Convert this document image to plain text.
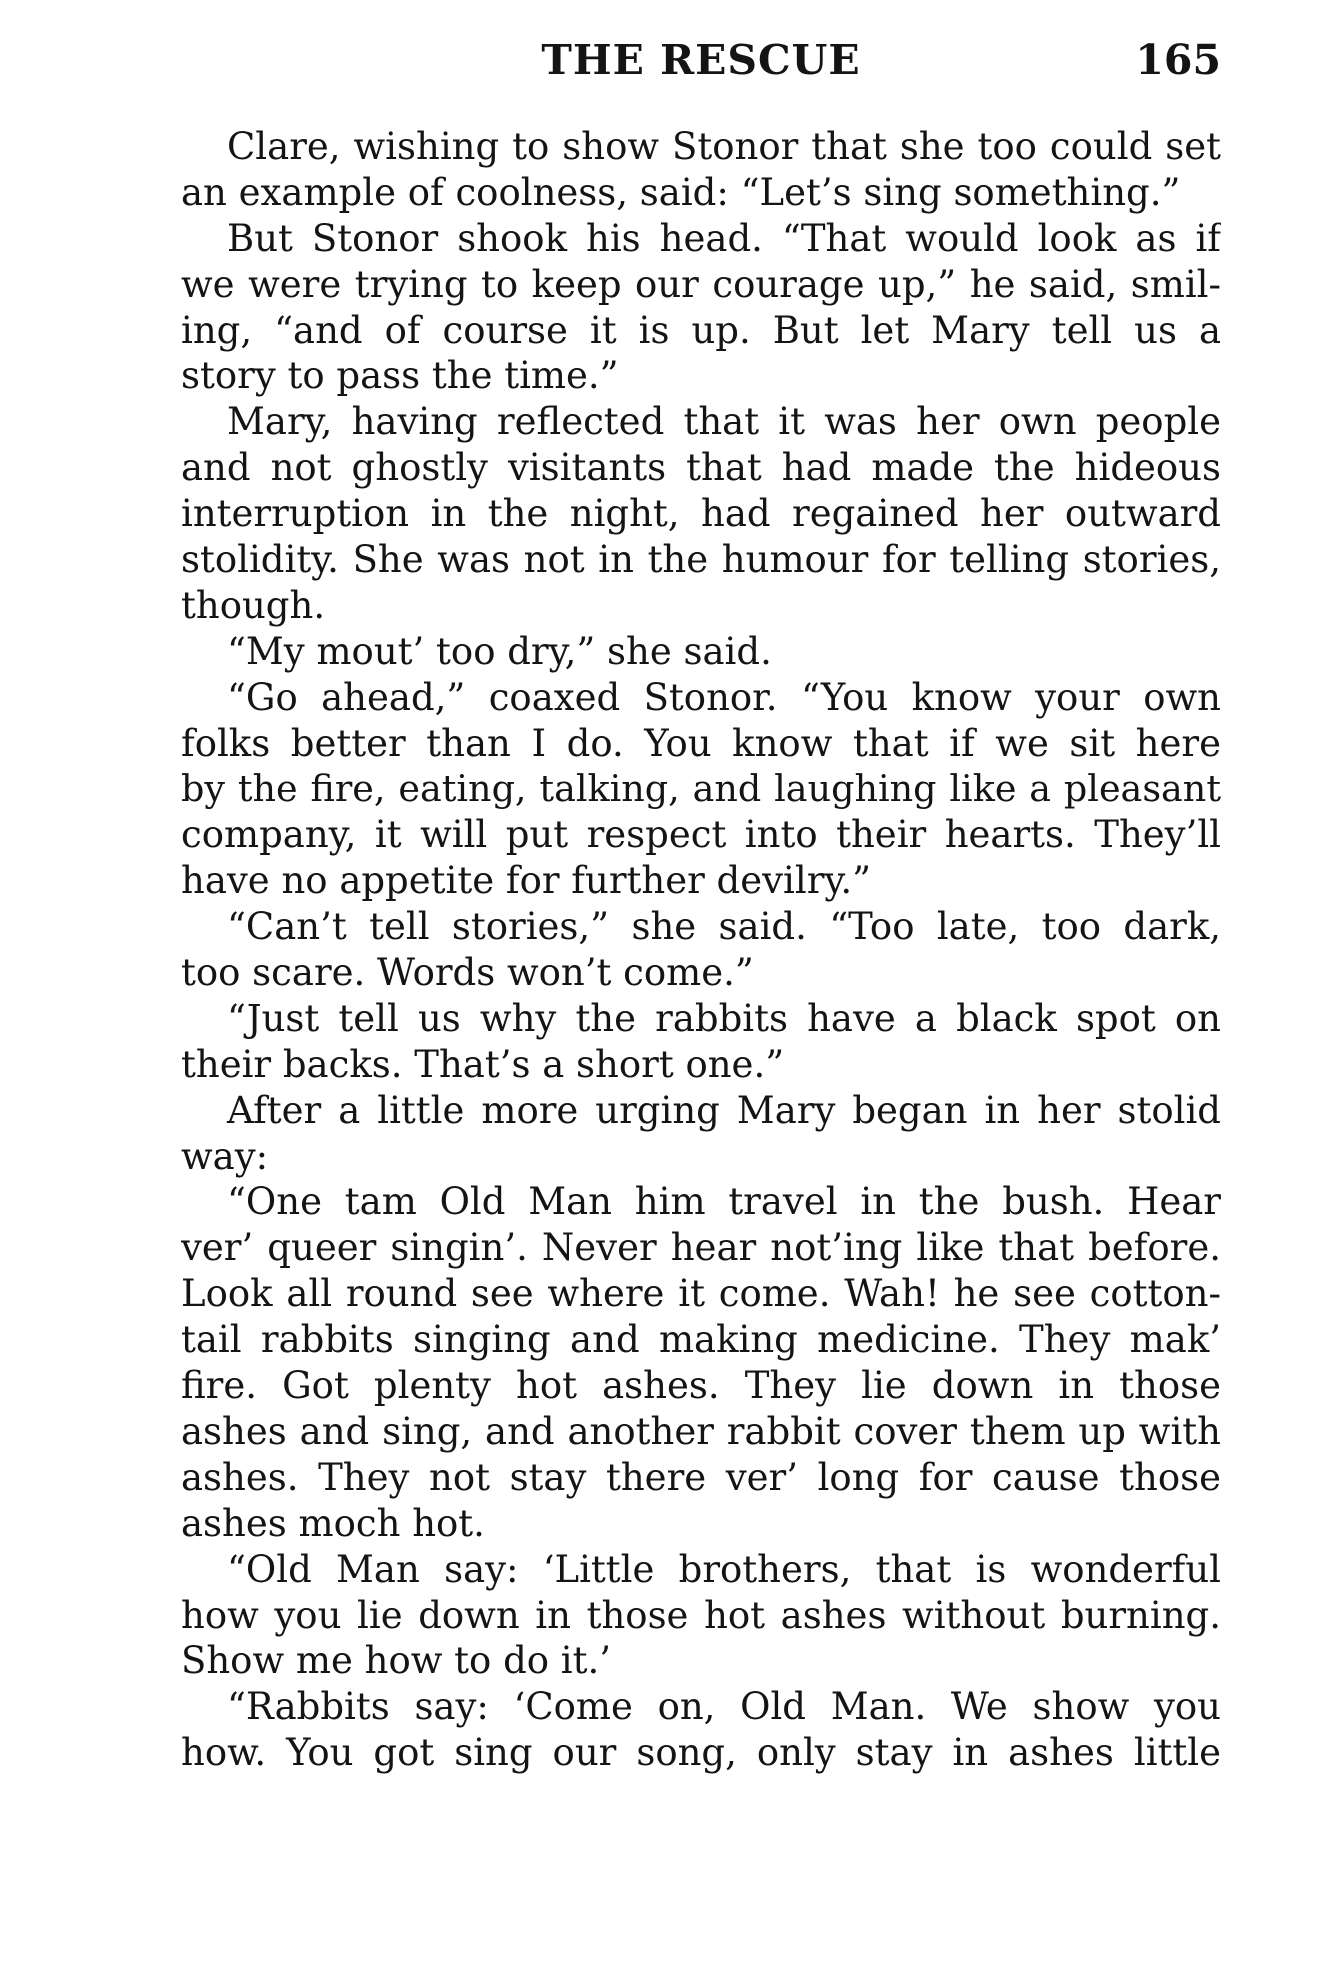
THE RESCUE	165
Clare, wishing to show Stonor that she too could set
an example of coolness, said: “Let’s sing something.”
But Stonor shook his head. “That would look as if
we were trying to keep our courage up,” he said, smil-
ing, “and of course it is up. But let Mary tell us a
story to pass the time.”
Mary, having reflected that it was her own people
and not ghostly visitants that had made the hideous
interruption in the night, had regained her outward
stolidity. She was not in the humour for telling stories,
though.
“My mout’ too dry,” she said.
“Go ahead,” coaxed Stonor. “You know your own
folks better than I do. You know that if we sit here
by the fire, eating, talking, and laughing like a pleasant
company, it will put respect into their hearts. They’ll
have no appetite for further devilry.”
“Can’t tell stories,” she said. “Too late, too dark,
too scare. Words won’t come.”
“Just tell us why the rabbits have a black spot on
their backs. That’s a short one.”
After a little more urging Mary began in her stolid
way:
“One tam Old Man him travel in the bush. Hear
ver’ queer singin’. Never hear not’ing like that before.
Look all round see where it come. Wah! he see cotton-
tail rabbits singing and making medicine. They mak’
fire. Got plenty hot ashes. They lie down in those
ashes and sing, and another rabbit cover them up with
ashes. They not stay there ver’ long for cause those
ashes moch hot.
“Old Man say: ‘Little brothers, that is wonderful
how you lie down in those hot ashes without burning.
Show me how to do it.’
“Rabbits say: ‘Come on, Old Man. We show you
how. You got sing our song, only stay in ashes little
